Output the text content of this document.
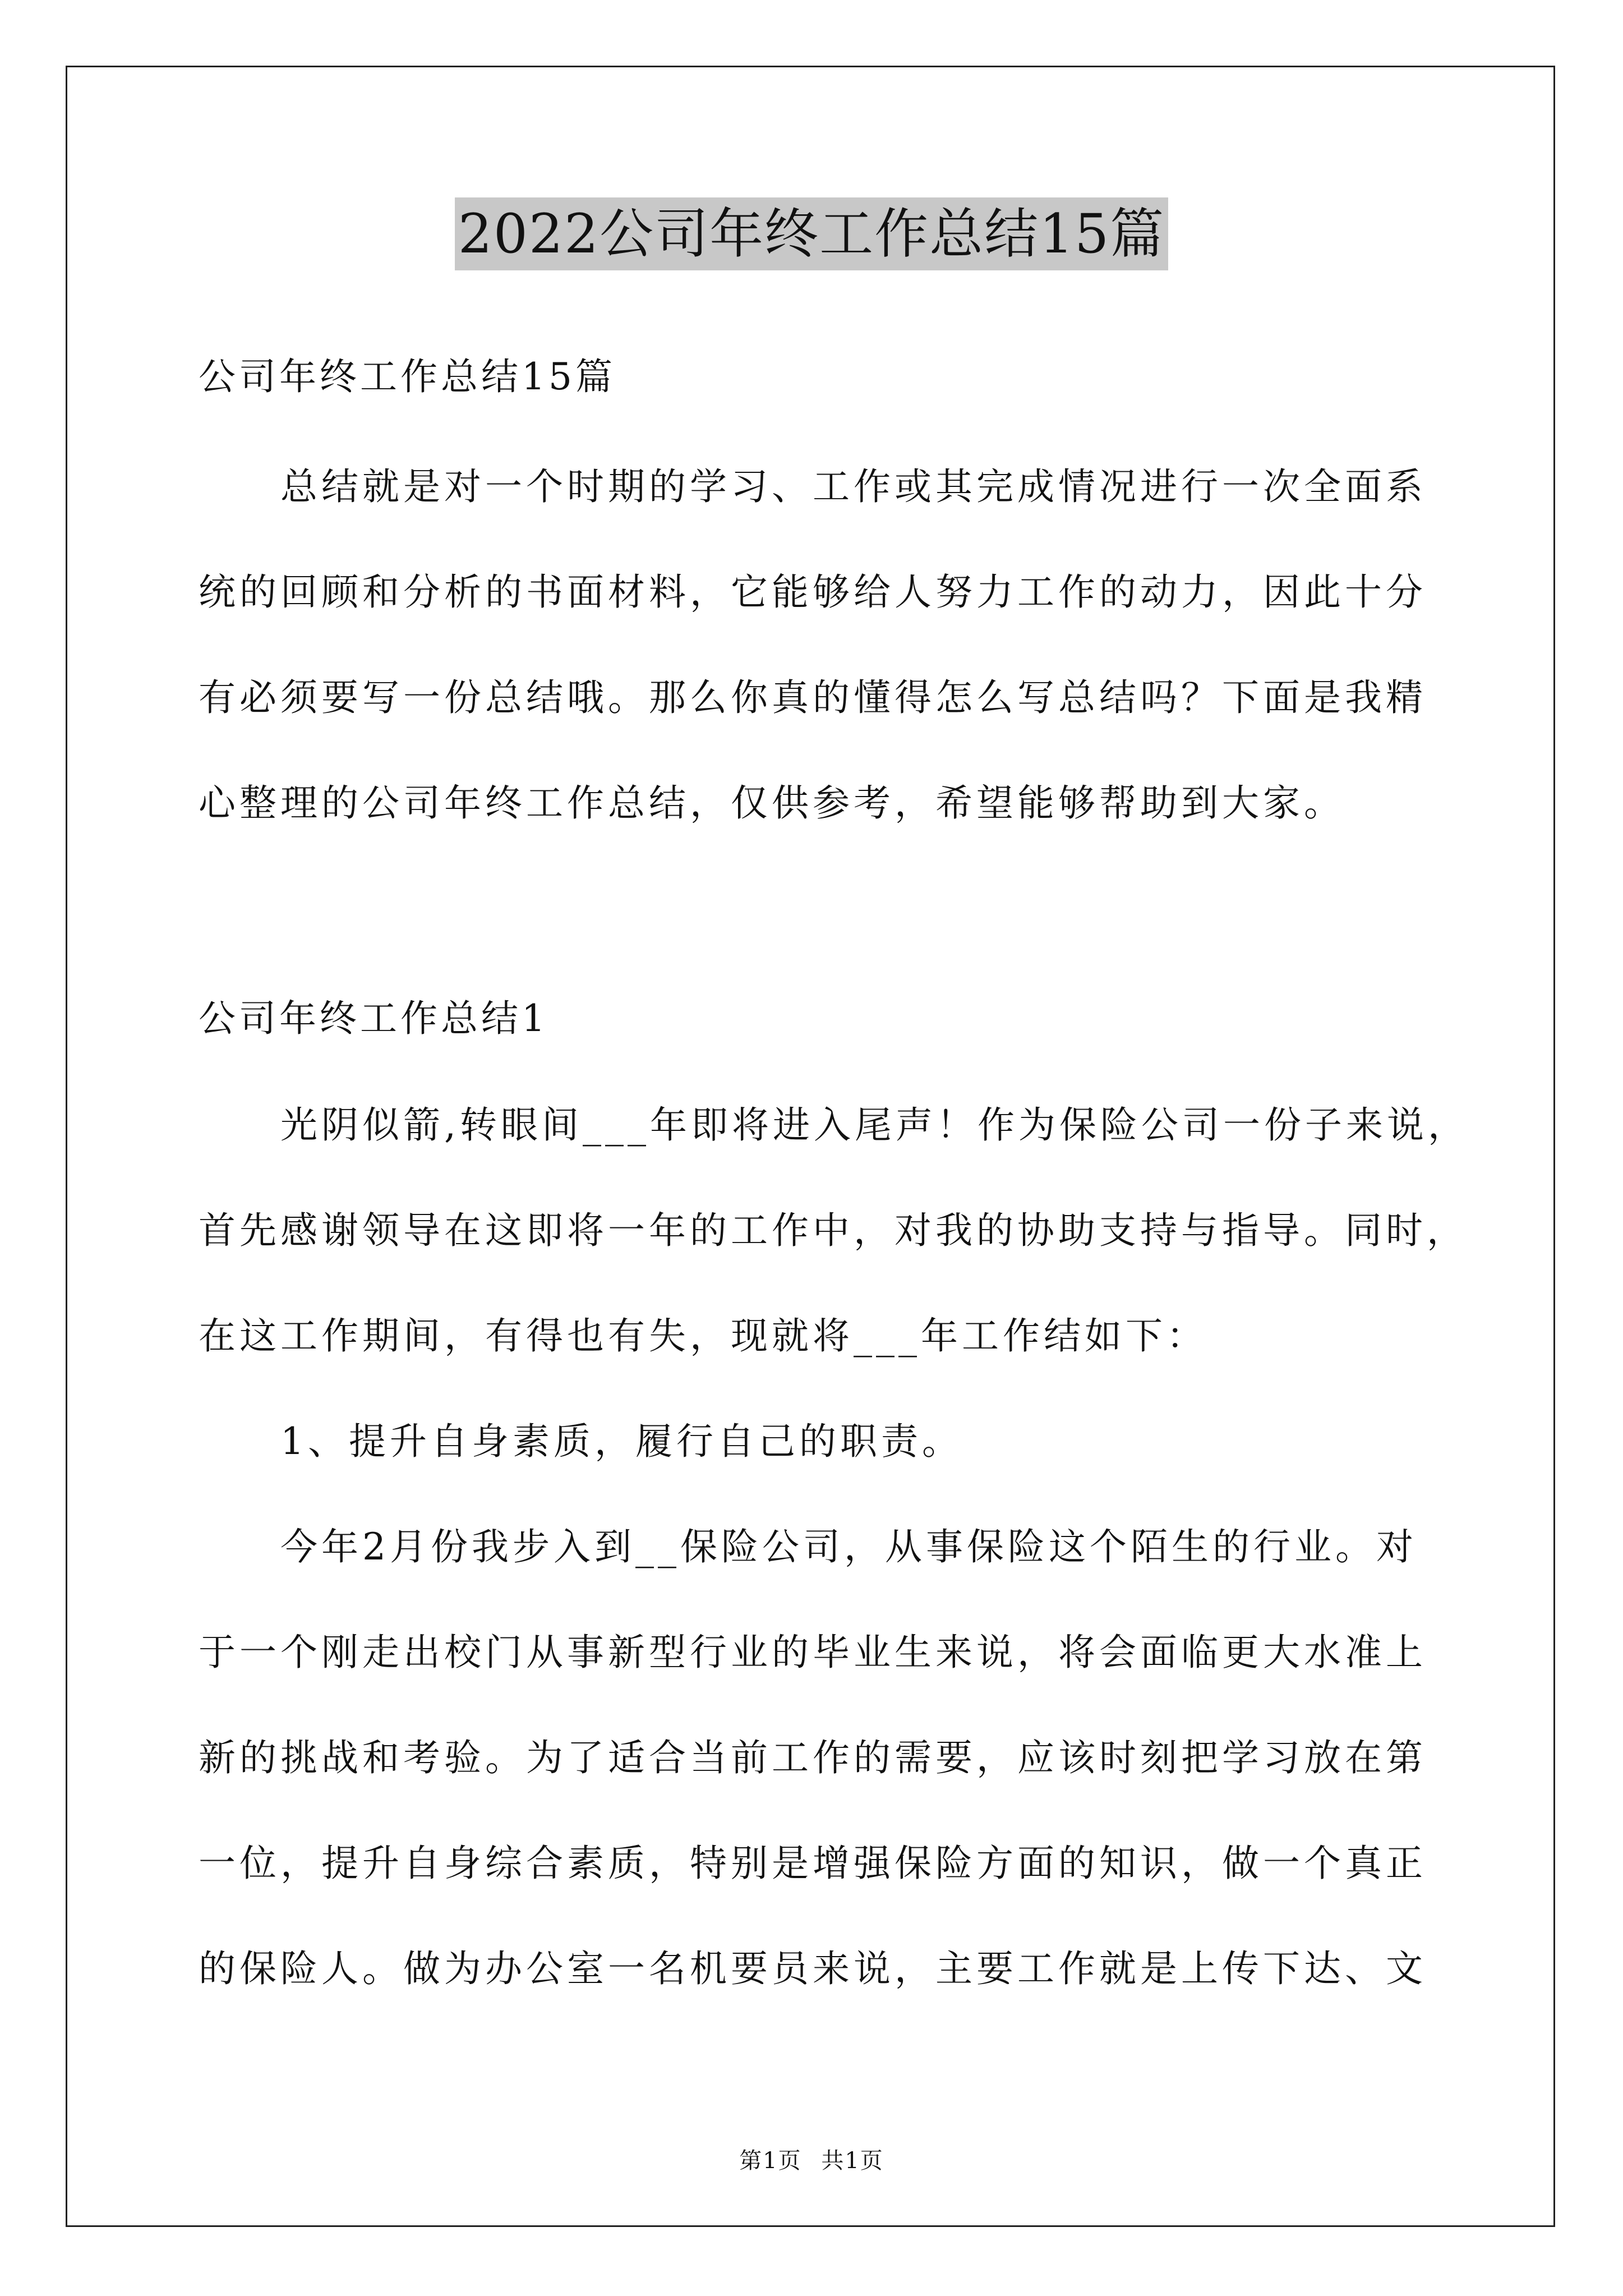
2022公司年终工作总结15篇
公司年终工作总结15篇
总结就是对一个时期的学习、工作或其完成情况进行一次全面系
统的回顾和分析的书面材料，它能够给人努力工作的动力，因此十分
有必须要写一份总结哦。那么你真的懂得怎么写总结吗？下面是我精
心整理的公司年终工作总结，仅供参考，希望能够帮助到大家。
公司年终工作总结1
光阴似箭,转眼间___年即将进入尾声！作为保险公司一份子来说，
首先感谢领导在这即将一年的工作中，对我的协助支持与指导。同时，
在这工作期间，有得也有失，现就将___年工作结如下：
1、提升自身素质，履行自己的职责。
今年2月份我步入到__保险公司，从事保险这个陌生的行业。对
于一个刚走出校门从事新型行业的毕业生来说，将会面临更大水准上
新的挑战和考验。为了适合当前工作的需要，应该时刻把学习放在第
一位，提升自身综合素质，特别是增强保险方面的知识，做一个真正
的保险人。做为办公室一名机要员来说，主要工作就是上传下达、文
第1页 共1页
